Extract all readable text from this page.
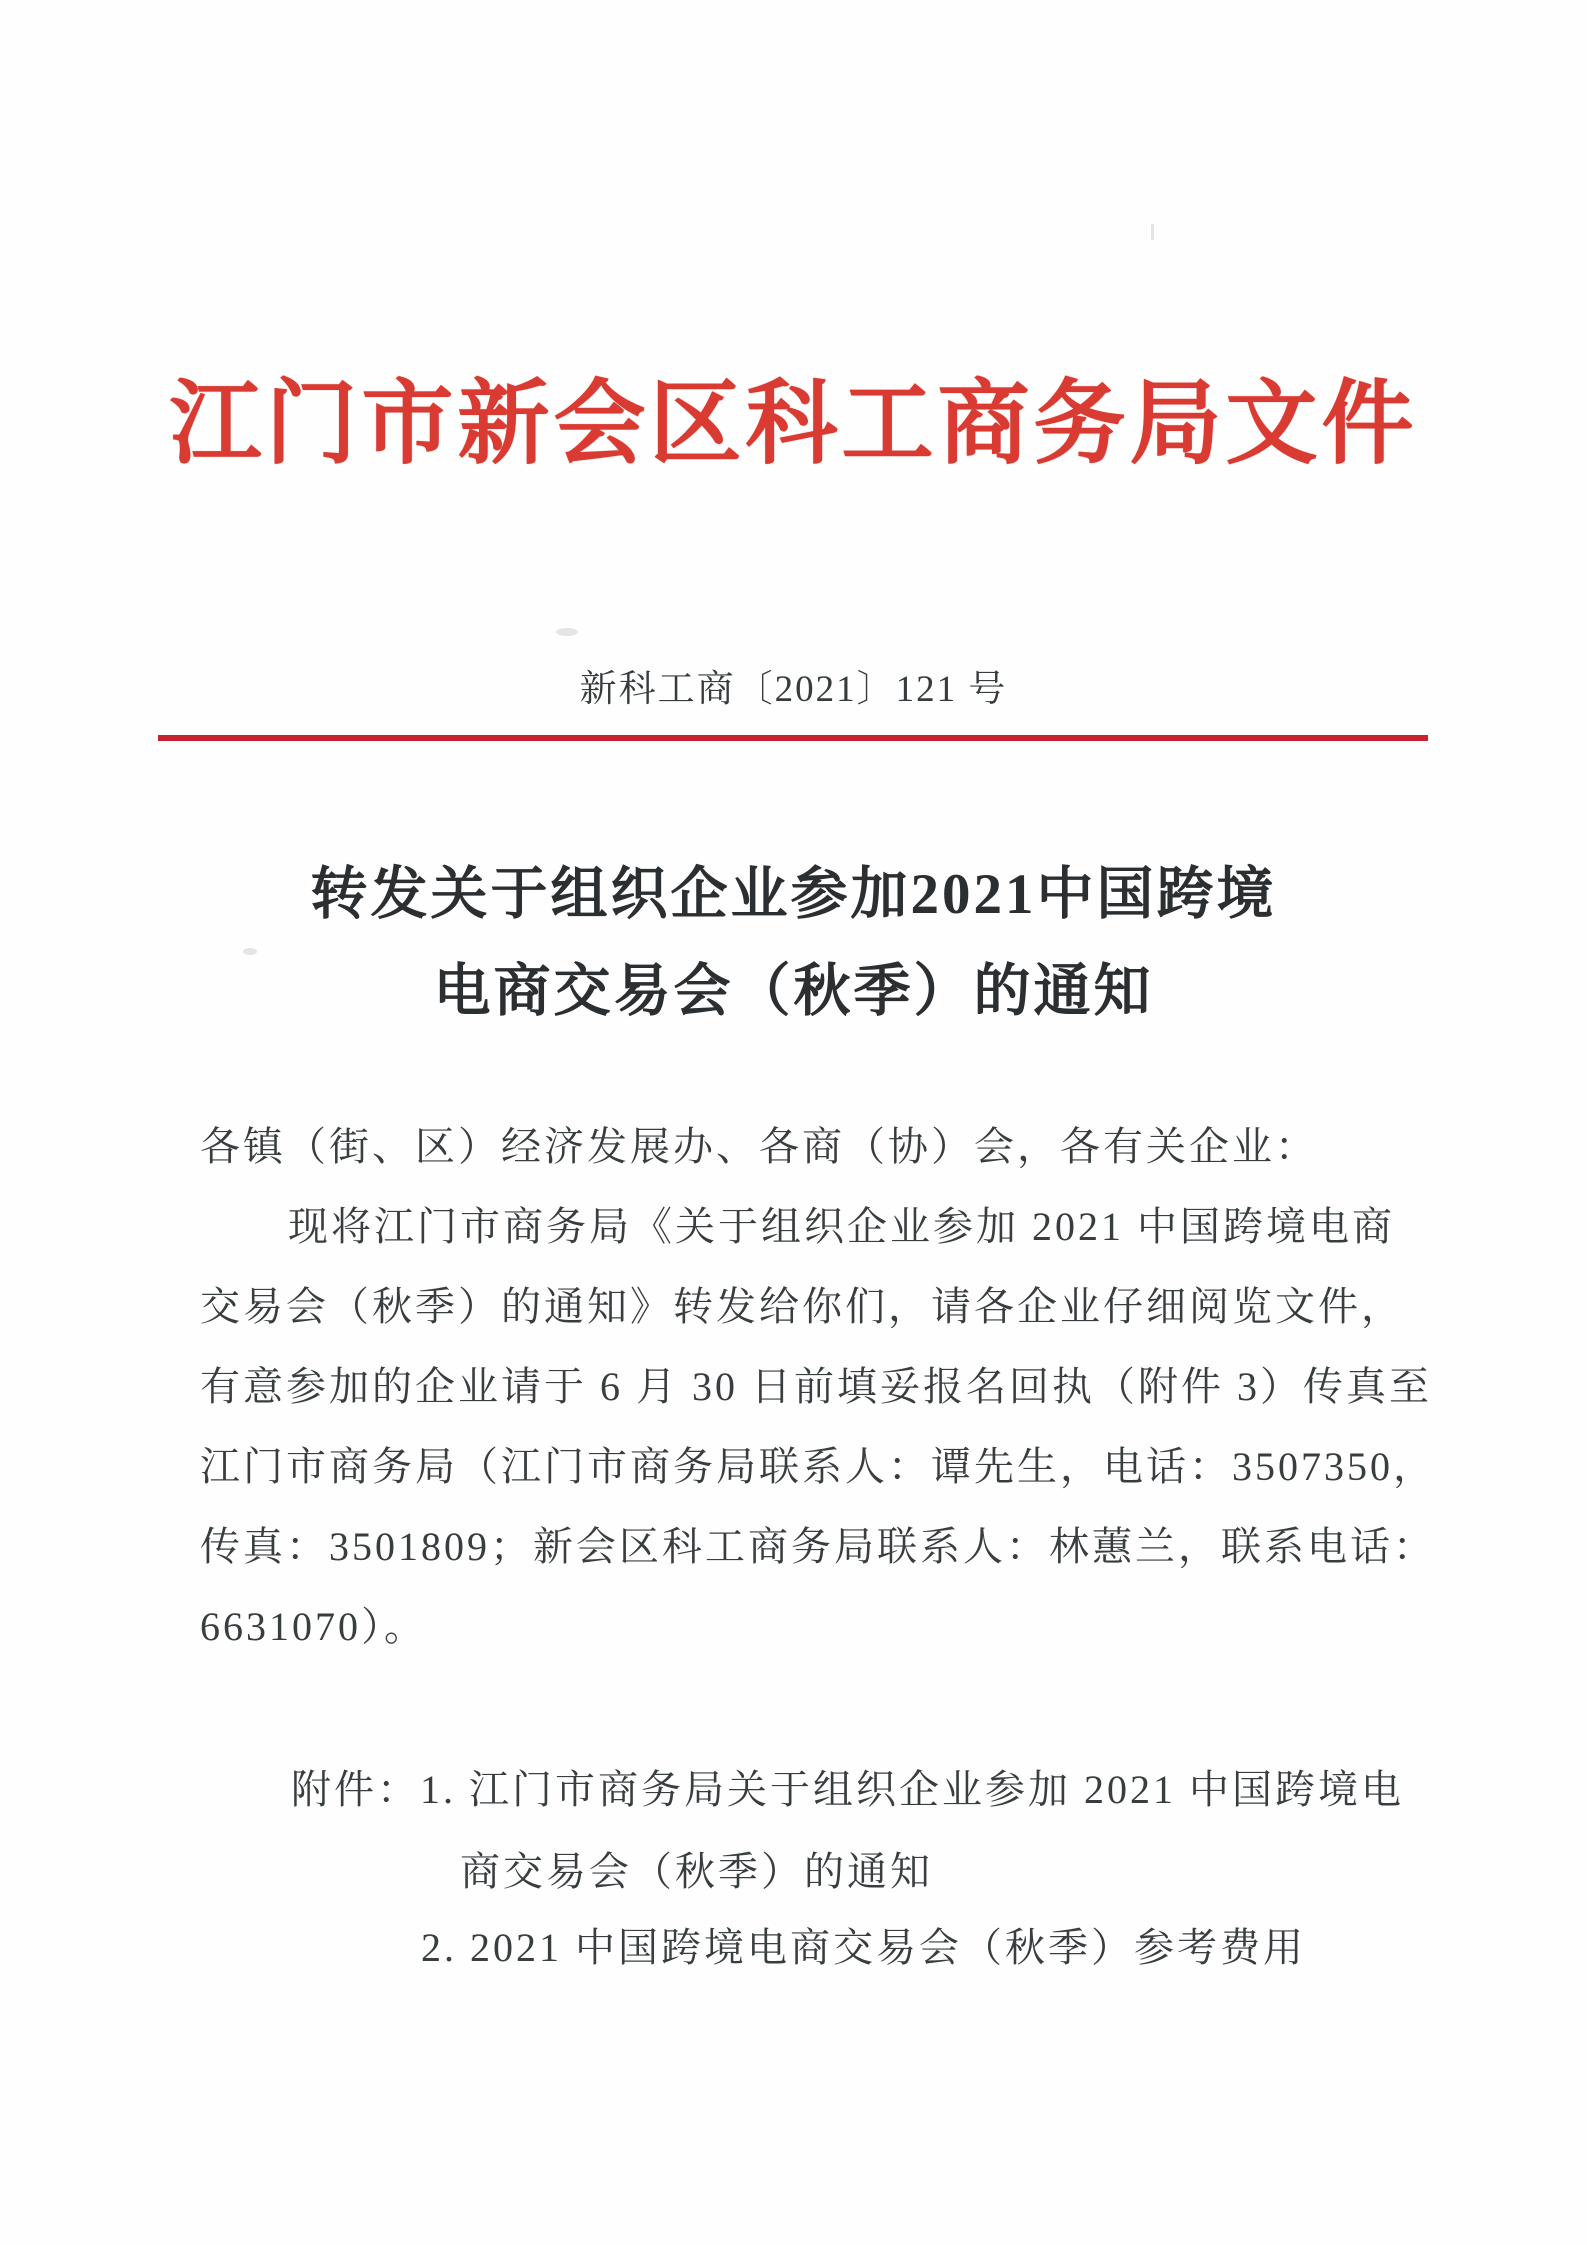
江门市新会区科工商务局文件
新科工商〔2021〕121 号
转发关于组织企业参加2021中国跨境
电商交易会（秋季）的通知
各镇（街、区）经济发展办、各商（协）会，各有关企业：
现将江门市商务局《关于组织企业参加 2021 中国跨境电商
交易会（秋季）的通知》转发给你们，请各企业仔细阅览文件，
有意参加的企业请于 6 月 30 日前填妥报名回执（附件 3）传真至
江门市商务局（江门市商务局联系人：谭先生，电话：3507350，
传真：3501809；新会区科工商务局联系人：林蕙兰，联系电话：
6631070）。
附件：1. 江门市商务局关于组织企业参加 2021 中国跨境电
商交易会（秋季）的通知
2. 2021 中国跨境电商交易会（秋季）参考费用
